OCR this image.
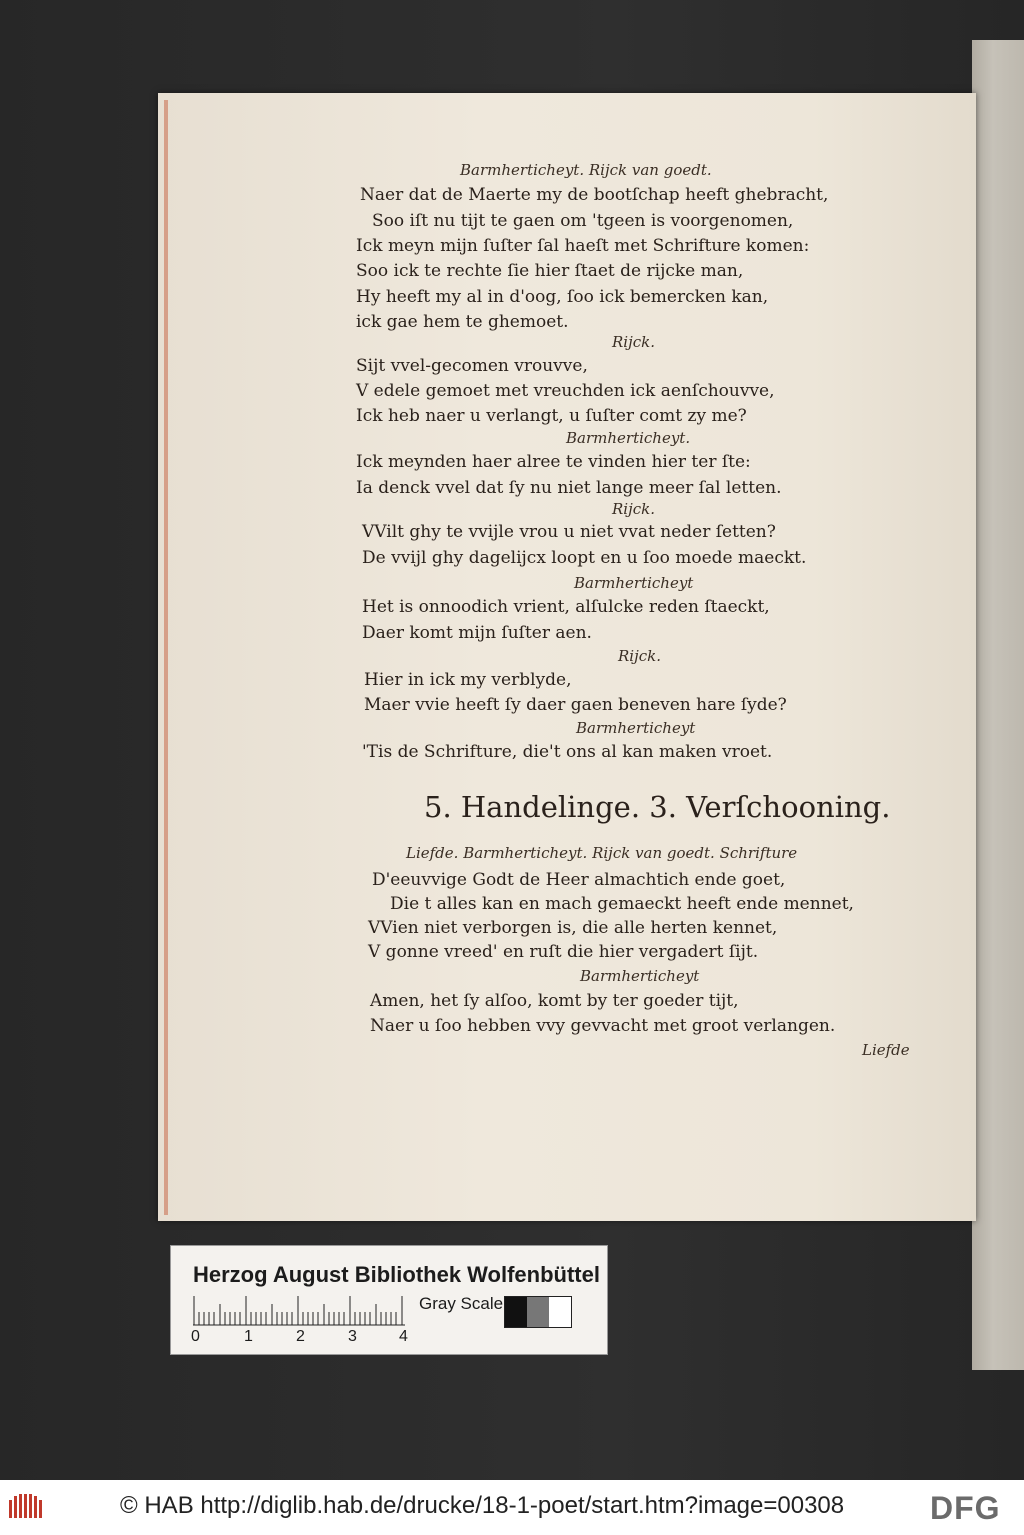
Barmherticheyt. Rijck van goedt.
Naer dat de Maerte my de bootſchap heeft ghebracht,
Soo iſt nu tijt te gaen om 'tgeen is voorgenomen,
Ick meyn mijn ſuſter ſal haeſt met Schrifture komen:
Soo ick te rechte ſie hier ſtaet de rijcke man,
Hy heeft my al in d'oog, ſoo ick bemercken kan,
ick gae hem te ghemoet.
Rijck.
Sijt vvel-gecomen vrouvve,
V edele gemoet met vreuchden ick aenſchouvve,
Ick heb naer u verlangt, u ſuſter comt zy me?
Barmherticheyt.
Ick meynden haer alree te vinden hier ter ſte:
Ia denck vvel dat ſy nu niet lange meer ſal letten.
Rijck.
VVilt ghy te vvijle vrou u niet vvat neder ſetten?
De vvijl ghy dagelijcx loopt en u ſoo moede maeckt.
Barmherticheyt
Het is onnoodich vrient, alſulcke reden ſtaeckt,
Daer komt mijn ſuſter aen.
Rijck.
Hier in ick my verblyde,
Maer vvie heeft ſy daer gaen beneven hare ſyde?
Barmherticheyt
'Tis de Schrifture, die't ons al kan maken vroet.
5. Handelinge. 3. Verſchooning.
Liefde. Barmherticheyt. Rijck van goedt. Schrifture
D'eeuvvige Godt de Heer almachtich ende goet,
Die t alles kan en mach gemaeckt heeft ende mennet,
VVien niet verborgen is, die alle herten kennet,
V gonne vreed' en ruſt die hier vergadert ſijt.
Barmherticheyt
Amen, het ſy alſoo, komt by ter goeder tijt,
Naer u ſoo hebben vvy gevvacht met groot verlangen.
Liefde
Herzog August Bibliothek Wolfenbüttel
0	1	2	3	4
Gray Scale
© HAB http://diglib.hab.de/drucke/18-1-poet/start.htm?image=00308	DFG
